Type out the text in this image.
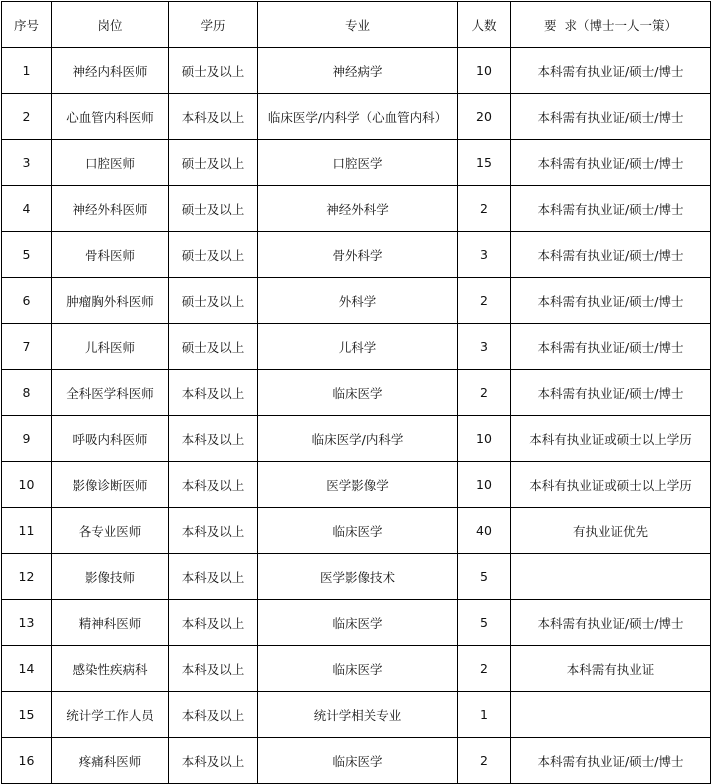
序号	岗位	学历	专业	人数	要  求（博士一人一策）
1	神经内科医师	硕士及以上	神经病学	10	本科需有执业证/硕士/博士
2	心血管内科医师	本科及以上	临床医学/内科学（心血管内科）	20	本科需有执业证/硕士/博士
3	口腔医师	硕士及以上	口腔医学	15	本科需有执业证/硕士/博士
4	神经外科医师	硕士及以上	神经外科学	2	本科需有执业证/硕士/博士
5	骨科医师	硕士及以上	骨外科学	3	本科需有执业证/硕士/博士
6	肿瘤胸外科医师	硕士及以上	外科学	2	本科需有执业证/硕士/博士
7	儿科医师	硕士及以上	儿科学	3	本科需有执业证/硕士/博士
8	全科医学科医师	本科及以上	临床医学	2	本科需有执业证/硕士/博士
9	呼吸内科医师	本科及以上	临床医学/内科学	10	本科有执业证或硕士以上学历
10	影像诊断医师	本科及以上	医学影像学	10	本科有执业证或硕士以上学历
11	各专业医师	本科及以上	临床医学	40	有执业证优先
12	影像技师	本科及以上	医学影像技术	5	
13	精神科医师	本科及以上	临床医学	5	本科需有执业证/硕士/博士
14	感染性疾病科	本科及以上	临床医学	2	本科需有执业证
15	统计学工作人员	本科及以上	统计学相关专业	1	
16	疼痛科医师	本科及以上	临床医学	2	本科需有执业证/硕士/博士
